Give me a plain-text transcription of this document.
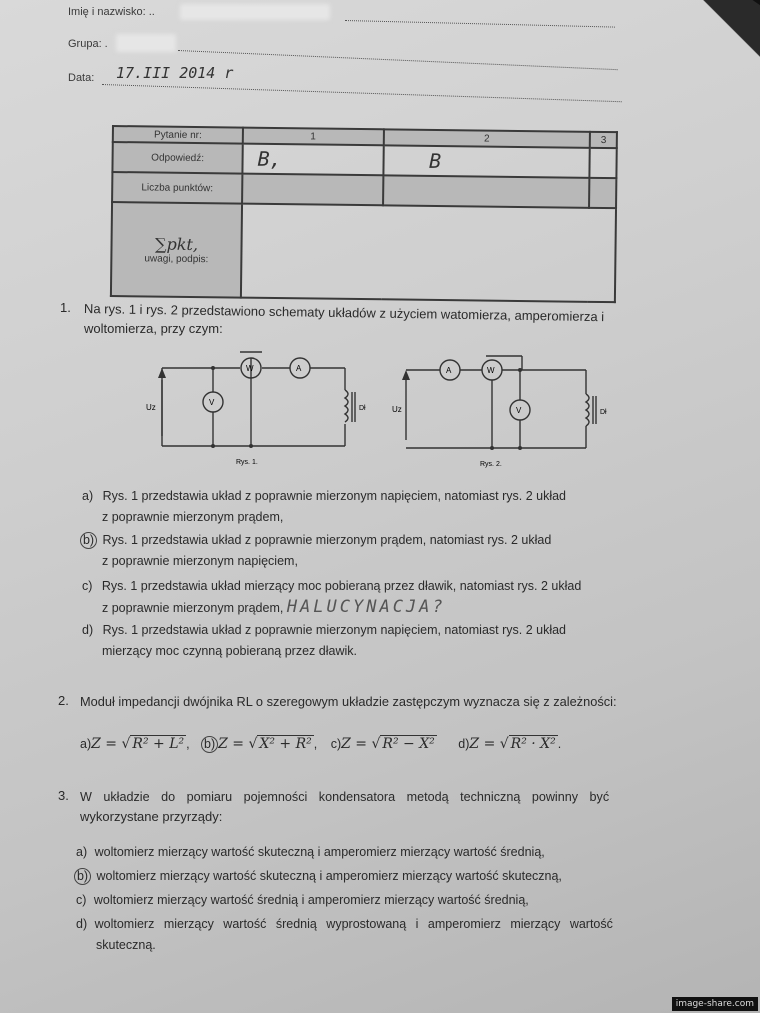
Imię i nazwisko: ..
Grupa: .
Data: 17.III 2014 r
Pytanie nr:	1	2	3
Odpowiedź:	B,	B	
Liczba punktów:			

∑pkt,
uwagi, podpis:			

1. Na rys. 1 i rys. 2 przedstawiono schematy układów z użyciem watomierza, amperomierza i
woltomierza, przy czym:
Uz	Dł
V
W	A
Rys. 1.
Uz	Dł
A	W
V
Rys. 2.
a) Rys. 1 przedstawia układ z poprawnie mierzonym napięciem, natomiast rys. 2 układ
z poprawnie mierzonym prądem,
b) Rys. 1 przedstawia układ z poprawnie mierzonym prądem, natomiast rys. 2 układ
z poprawnie mierzonym napięciem,
c) Rys. 1 przedstawia układ mierzący moc pobieraną przez dławik, natomiast rys. 2 układ
z poprawnie mierzonym prądem, HALUCYNACJA?
d) Rys. 1 przedstawia układ z poprawnie mierzonym napięciem, natomiast rys. 2 układ
mierzący moc czynną pobieraną przez dławik.
2. Moduł impedancji dwójnika RL o szeregowym układzie zastępczym wyznacza się z zależności:
a)Z = √ R² + L² , b) Z = √ X² + R² , c)Z = √ R² − X² d)Z = √ R² · X² .
3. W układzie do pomiaru pojemności kondensatora metodą techniczną powinny być
wykorzystane przyrządy:
a) woltomierz mierzący wartość skuteczną i amperomierz mierzący wartość średnią,
b) woltomierz mierzący wartość skuteczną i amperomierz mierzący wartość skuteczną,
c) woltomierz mierzący wartość średnią i amperomierz mierzący wartość średnią,
d) woltomierz mierzący wartość średnią wyprostowaną i amperomierz mierzący wartość
skuteczną.
image-share.com
